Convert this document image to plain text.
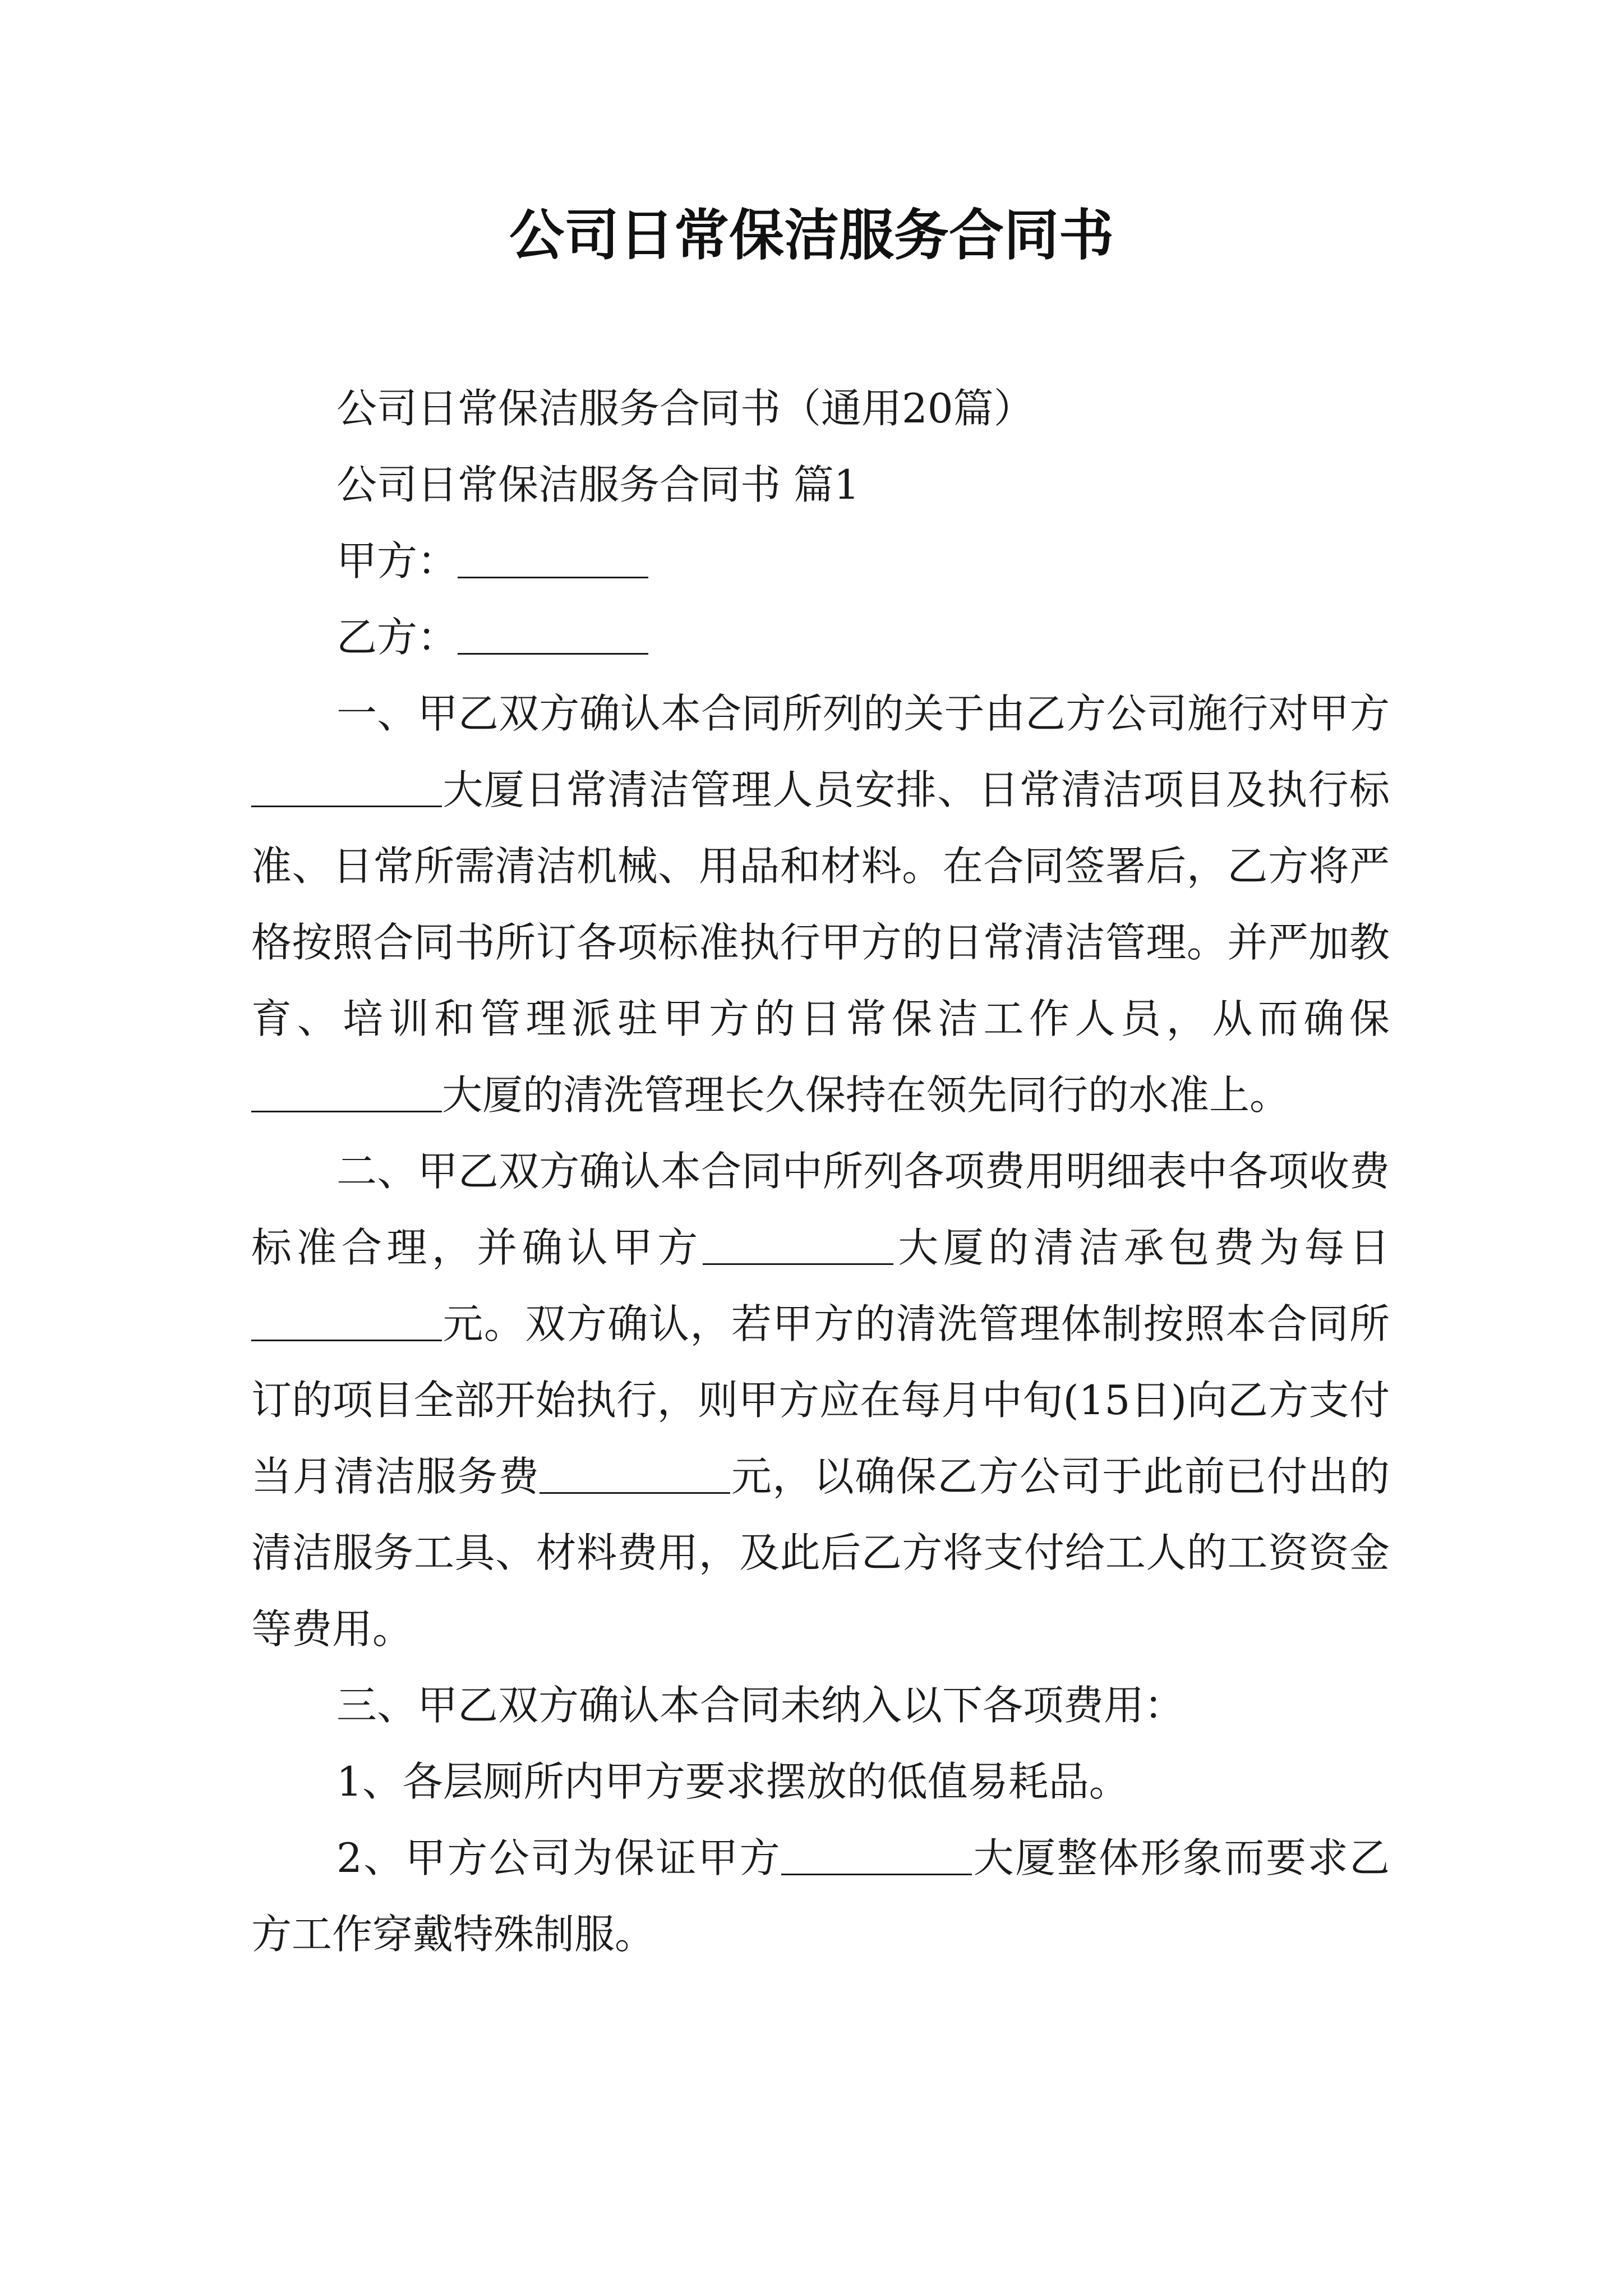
公司日常保洁服务合同书

公司日常保洁服务合同书（通用20篇）

公司日常保洁服务合同书 篇1

甲方：

乙方：

一、甲乙双方确认本合同所列的关于由乙方公司施行对甲方大厦日常清洁管理人员安排、日常清洁项目及执行标准、日常所需清洁机械、用品和材料。在合同签署后，乙方将严格按照合同书所订各项标准执行甲方的日常清洁管理。并严加教育、培训和管理派驻甲方的日常保洁工作人员，从而确保大厦的清洗管理长久保持在领先同行的水准上。

二、甲乙双方确认本合同中所列各项费用明细表中各项收费标准合理，并确认甲方	大厦的清洁承包费为每日元。双方确认，若甲方的清洗管理体制按照本合同所订的项目全部开始执行，则甲方应在每月中旬(15日)向乙方支付当月清洁服务费	元，以确保乙方公司于此前已付出的清洁服务工具、材料费用，及此后乙方将支付给工人的工资资金等费用。

三、甲乙双方确认本合同未纳入以下各项费用：

1、各层厕所内甲方要求摆放的低值易耗品。

2、甲方公司为保证甲方	大厦整体形象而要求乙方工作穿戴特殊制服。
